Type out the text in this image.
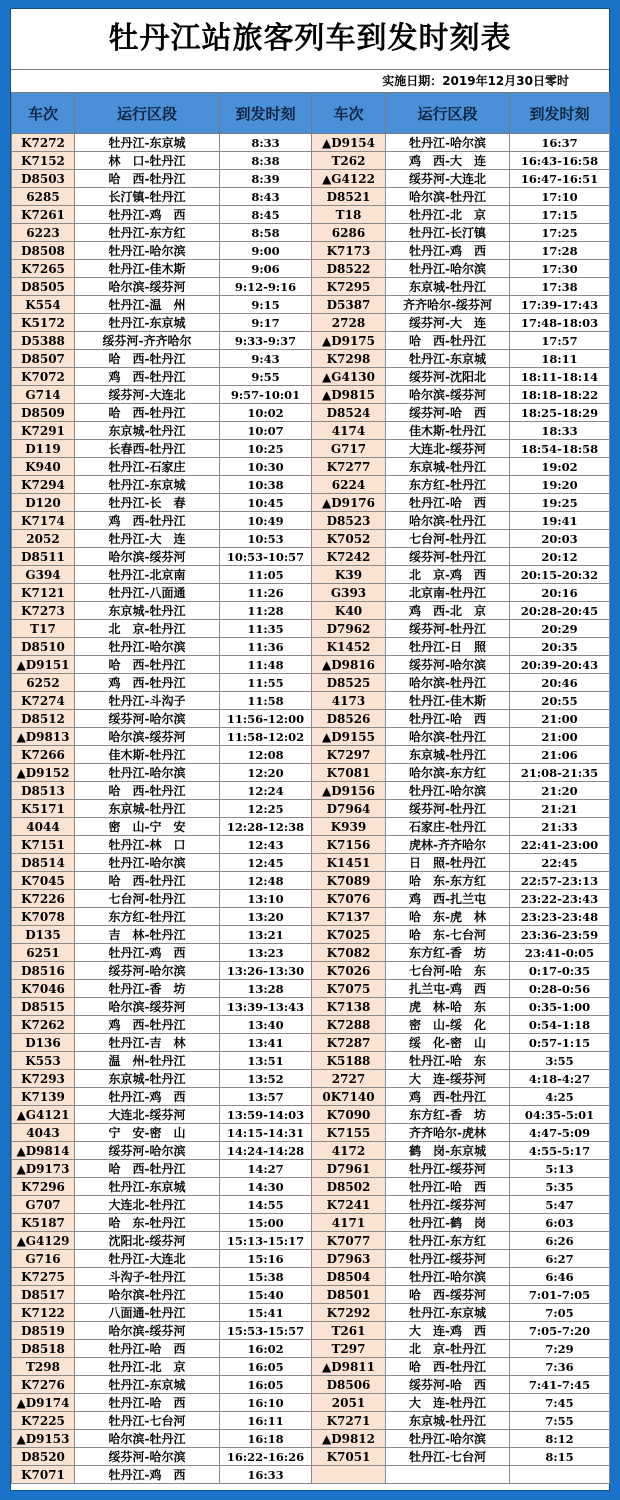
牡丹江站旅客列车到发时刻表
实施日期：2019年12月30日零时
车次	运行区段	到发时刻	车次	运行区段	到发时刻
K7272	牡丹江-东京城	8:33	▲D9154	牡丹江-哈尔滨	16:37
K7152	林　口-牡丹江	8:38	T262	鸡　西-大　连	16:43-16:58
D8503	哈　西-牡丹江	8:39	▲G4122	绥芬河-大连北	16:47-16:51
6285	长汀镇-牡丹江	8:43	D8521	哈尔滨-牡丹江	17:10
K7261	牡丹江-鸡　西	8:45	T18	牡丹江-北　京	17:15
6223	牡丹江-东方红	8:58	6286	牡丹江-长汀镇	17:25
D8508	牡丹江-哈尔滨	9:00	K7173	牡丹江-鸡　西	17:28
K7265	牡丹江-佳木斯	9:06	D8522	牡丹江-哈尔滨	17:30
D8505	哈尔滨-绥芬河	9:12-9:16	K7295	东京城-牡丹江	17:38
K554	牡丹江-温　州	9:15	D5387	齐齐哈尔-绥芬河	17:39-17:43
K5172	牡丹江-东京城	9:17	2728	绥芬河-大　连	17:48-18:03
D5388	绥芬河-齐齐哈尔	9:33-9:37	▲D9175	哈　西-牡丹江	17:57
D8507	哈　西-牡丹江	9:43	K7298	牡丹江-东京城	18:11
K7072	鸡　西-牡丹江	9:55	▲G4130	绥芬河-沈阳北	18:11-18:14
G714	绥芬河-大连北	9:57-10:01	▲D9815	哈尔滨-绥芬河	18:18-18:22
D8509	哈　西-牡丹江	10:02	D8524	绥芬河-哈　西	18:25-18:29
K7291	东京城-牡丹江	10:07	4174	佳木斯-牡丹江	18:33
D119	长春西-牡丹江	10:25	G717	大连北-绥芬河	18:54-18:58
K940	牡丹江-石家庄	10:30	K7277	东京城-牡丹江	19:02
K7294	牡丹江-东京城	10:38	6224	东方红-牡丹江	19:20
D120	牡丹江-长　春	10:45	▲D9176	牡丹江-哈　西	19:25
K7174	鸡　西-牡丹江	10:49	D8523	哈尔滨-牡丹江	19:41
2052	牡丹江-大　连	10:53	K7052	七台河-牡丹江	20:03
D8511	哈尔滨-绥芬河	10:53-10:57	K7242	绥芬河-牡丹江	20:12
G394	牡丹江-北京南	11:05	K39	北　京-鸡　西	20:15-20:32
K7121	牡丹江-八面通	11:26	G393	北京南-牡丹江	20:16
K7273	东京城-牡丹江	11:28	K40	鸡　西-北　京	20:28-20:45
T17	北　京-牡丹江	11:35	D7962	绥芬河-牡丹江	20:29
D8510	牡丹江-哈尔滨	11:36	K1452	牡丹江-日　照	20:35
▲D9151	哈　西-牡丹江	11:48	▲D9816	绥芬河-哈尔滨	20:39-20:43
6252	鸡　西-牡丹江	11:55	D8525	哈尔滨-牡丹江	20:46
K7274	牡丹江-斗沟子	11:58	4173	牡丹江-佳木斯	20:55
D8512	绥芬河-哈尔滨	11:56-12:00	D8526	牡丹江-哈　西	21:00
▲D9813	哈尔滨-绥芬河	11:58-12:02	▲D9155	哈尔滨-牡丹江	21:00
K7266	佳木斯-牡丹江	12:08	K7297	东京城-牡丹江	21:06
▲D9152	牡丹江-哈尔滨	12:20	K7081	哈尔滨-东方红	21:08-21:35
D8513	哈　西-牡丹江	12:24	▲D9156	牡丹江-哈尔滨	21:20
K5171	东京城-牡丹江	12:25	D7964	绥芬河-牡丹江	21:21
4044	密　山-宁　安	12:28-12:38	K939	石家庄-牡丹江	21:33
K7151	牡丹江-林　口	12:43	K7156	虎林-齐齐哈尔	22:41-23:00
D8514	牡丹江-哈尔滨	12:45	K1451	日　照-牡丹江	22:45
K7045	哈　西-牡丹江	12:48	K7089	哈　东-东方红	22:57-23:13
K7226	七台河-牡丹江	13:10	K7076	鸡　西-扎兰屯	23:22-23:43
K7078	东方红-牡丹江	13:20	K7137	哈　东-虎　林	23:23-23:48
D135	吉　林-牡丹江	13:21	K7025	哈　东-七台河	23:36-23:59
6251	牡丹江-鸡　西	13:23	K7082	东方红-香　坊	23:41-0:05
D8516	绥芬河-哈尔滨	13:26-13:30	K7026	七台河-哈　东	0:17-0:35
K7046	牡丹江-香　坊	13:28	K7075	扎兰屯-鸡　西	0:28-0:56
D8515	哈尔滨-绥芬河	13:39-13:43	K7138	虎　林-哈　东	0:35-1:00
K7262	鸡　西-牡丹江	13:40	K7288	密　山-绥　化	0:54-1:18
D136	牡丹江-吉　林	13:41	K7287	绥　化-密　山	0:57-1:15
K553	温　州-牡丹江	13:51	K5188	牡丹江-哈　东	3:55
K7293	东京城-牡丹江	13:52	2727	大　连-绥芬河	4:18-4:27
K7139	牡丹江-鸡　西	13:57	0K7140	鸡　西-牡丹江	4:25
▲G4121	大连北-绥芬河	13:59-14:03	K7090	东方红-香　坊	04:35-5:01
4043	宁　安-密　山	14:15-14:31	K7155	齐齐哈尔-虎林	4:47-5:09
▲D9814	绥芬河-哈尔滨	14:24-14:28	4172	鹤　岗-东京城	4:55-5:17
▲D9173	哈　西-牡丹江	14:27	D7961	牡丹江-绥芬河	5:13
K7296	牡丹江-东京城	14:30	D8502	牡丹江-哈　西	5:35
G707	大连北-牡丹江	14:55	K7241	牡丹江-绥芬河	5:47
K5187	哈　东-牡丹江	15:00	4171	牡丹江-鹤　岗	6:03
▲G4129	沈阳北-绥芬河	15:13-15:17	K7077	牡丹江-东方红	6:26
G716	牡丹江-大连北	15:16	D7963	牡丹江-绥芬河	6:27
K7275	斗沟子-牡丹江	15:38	D8504	牡丹江-哈尔滨	6:46
D8517	哈尔滨-牡丹江	15:40	D8501	哈　西-绥芬河	7:01-7:05
K7122	八面通-牡丹江	15:41	K7292	牡丹江-东京城	7:05
D8519	哈尔滨-绥芬河	15:53-15:57	T261	大　连-鸡　西	7:05-7:20
D8518	牡丹江-哈　西	16:02	T297	北　京-牡丹江	7:29
T298	牡丹江-北　京	16:05	▲D9811	哈　西-牡丹江	7:36
K7276	牡丹江-东京城	16:05	D8506	绥芬河-哈　西	7:41-7:45
▲D9174	牡丹江-哈　西	16:10	2051	大　连-牡丹江	7:45
K7225	牡丹江-七台河	16:11	K7271	东京城-牡丹江	7:55
▲D9153	哈尔滨-牡丹江	16:18	▲D9812	牡丹江-哈尔滨	8:12
D8520	绥芬河-哈尔滨	16:22-16:26	K7051	牡丹江-七台河	8:15
K7071	牡丹江-鸡　西	16:33			
